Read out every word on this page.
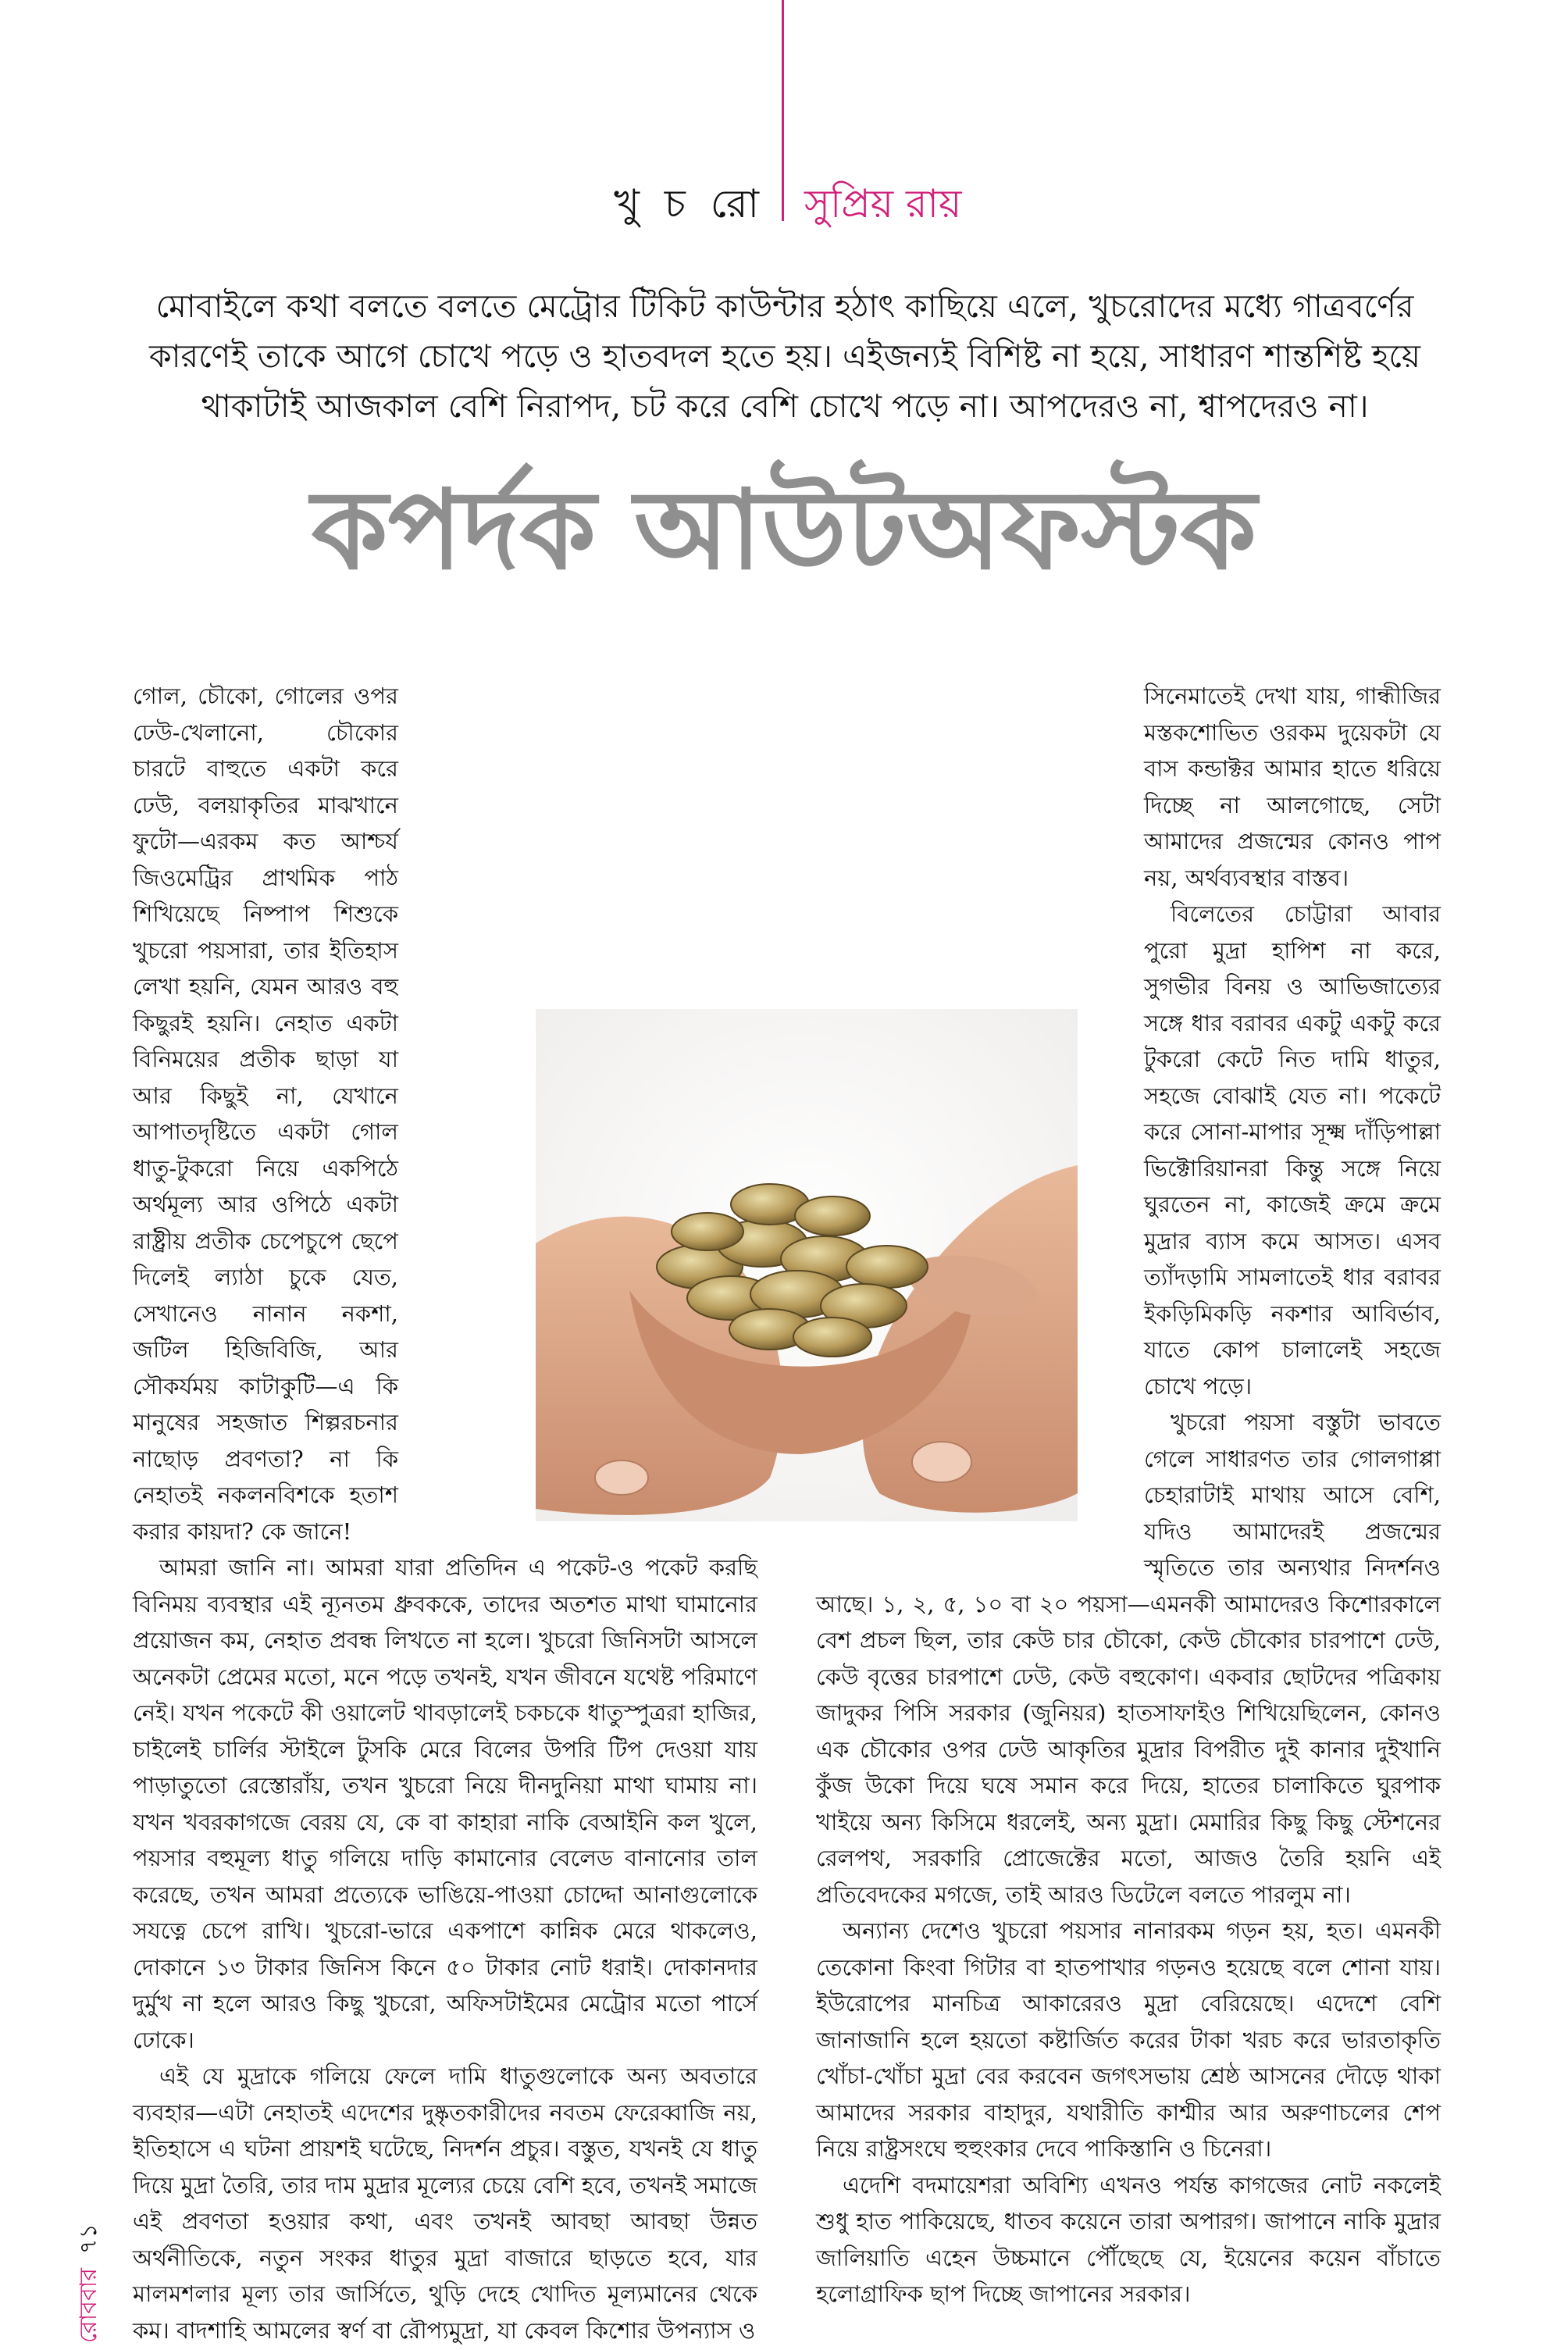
খু চ রো সুপ্রিয় রায়
মোবাইলে কথা বলতে বলতে মেট্রোর টিকিট কাউন্টার হঠাৎ কাছিয়ে এলে, খুচরোদের মধ্যে গাত্রবর্ণের কারণেই তাকে আগে চোখে পড়ে ও হাতবদল হতে হয়। এইজন্যই বিশিষ্ট না হয়ে, সাধারণ শান্তশিষ্ট হয়ে থাকাটাই আজকাল বেশি নিরাপদ, চট করে বেশি চোখে পড়ে না। আপদেরও না, শ্বাপদেরও না।
কপর্দক আউটঅফস্টক

গোল, চৌকো, গোলের ওপর ঢেউ-খেলানো, চৌকোর চারটে বাহুতে একটা করে ঢেউ, বলয়াকৃতির মাঝখানে ফুটো—এরকম কত আশ্চর্য জিওমেট্রির প্রাথমিক পাঠ শিখিয়েছে নিষ্পাপ শিশুকে খুচরো পয়সারা, তার ইতিহাস লেখা হয়নি, যেমন আরও বহু কিছুরই হয়নি। নেহাত একটা বিনিময়ের প্রতীক ছাড়া যা আর কিছুই না, যেখানে আপাতদৃষ্টিতে একটা গোল ধাতু-টুকরো নিয়ে একপিঠে অর্থমূল্য আর ওপিঠে একটা রাষ্ট্রীয় প্রতীক চেপেচুপে ছেপে দিলেই ল্যাঠা চুকে যেত, সেখানেও নানান নকশা, জটিল হিজিবিজি, আর সৌকর্যময় কাটাকুটি—এ কি মানুষের সহজাত শিল্পরচনার নাছোড় প্রবণতা? না কি নেহাতই নকলনবিশকে হতাশ করার কায়দা? কে জানে!

আমরা জানি না। আমরা যারা প্রতিদিন এ পকেট-ও পকেট করছি বিনিময় ব্যবস্থার এই ন্যূনতম ধ্রুবককে, তাদের অতশত মাথা ঘামানোর প্রয়োজন কম, নেহাত প্রবন্ধ লিখতে না হলে। খুচরো জিনিসটা আসলে অনেকটা প্রেমের মতো, মনে পড়ে তখনই, যখন জীবনে যথেষ্ট পরিমাণে নেই। যখন পকেটে কী ওয়ালেট থাবড়ালেই চকচকে ধাতুস্পুত্ররা হাজির, চাইলেই চার্লির স্টাইলে টুসকি মেরে বিলের উপরি টিপ দেওয়া যায় পাড়াতুতো রেস্তোরাঁয়, তখন খুচরো নিয়ে দীনদুনিয়া মাথা ঘামায় না। যখন খবরকাগজে বেরয় যে, কে বা কাহারা নাকি বেআইনি কল খুলে, পয়সার বহুমূল্য ধাতু গলিয়ে দাড়ি কামানোর বেলেড বানানোর তাল করেছে, তখন আমরা প্রত্যেকে ভাঙিয়ে-পাওয়া চোদ্দো আনাগুলোকে সযত্নে চেপে রাখি। খুচরো-ভারে একপাশে কান্নিক মেরে থাকলেও, দোকানে ১৩ টাকার জিনিস কিনে ৫০ টাকার নোট ধরাই। দোকানদার দুর্মুখ না হলে আরও কিছু খুচরো, অফিসটাইমের মেট্রোর মতো পার্সে ঢোকে।

এই যে মুদ্রাকে গলিয়ে ফেলে দামি ধাতুগুলোকে অন্য অবতারে ব্যবহার—এটা নেহাতই এদেশের দুষ্কৃতকারীদের নবতম ফেরেব্বাজি নয়, ইতিহাসে এ ঘটনা প্রায়শই ঘটেছে, নিদর্শন প্রচুর। বস্তুত, যখনই যে ধাতু দিয়ে মুদ্রা তৈরি, তার দাম মুদ্রার মূল্যের চেয়ে বেশি হবে, তখনই সমাজে এই প্রবণতা হওয়ার কথা, এবং তখনই আবছা আবছা উন্নত অর্থনীতিকে, নতুন সংকর ধাতুর মুদ্রা বাজারে ছাড়তে হবে, যার মালমশলার মূল্য তার জার্সিতে, থুড়ি দেহে খোদিত মূল্যমানের থেকে কম। বাদশাহি আমলের স্বর্ণ বা রৌপ্যমুদ্রা, যা কেবল কিশোর উপন্যাস ও

সিনেমাতেই দেখা যায়, গান্ধীজির মস্তকশোভিত ওরকম দুয়েকটা যে বাস কন্ডাক্টর আমার হাতে ধরিয়ে দিচ্ছে না আলগোছে, সেটা আমাদের প্রজন্মের কোনও পাপ নয়, অর্থব্যবস্থার বাস্তব।

বিলেতের চোট্টারা আবার পুরো মুদ্রা হাপিশ না করে, সুগভীর বিনয় ও আভিজাত্যের সঙ্গে ধার বরাবর একটু একটু করে টুকরো কেটে নিত দামি ধাতুর, সহজে বোঝাই যেত না। পকেটে করে সোনা-মাপার সূক্ষ্ম দাঁড়িপাল্লা ভিক্টোরিয়ানরা কিন্তু সঙ্গে নিয়ে ঘুরতেন না, কাজেই ক্রমে ক্রমে মুদ্রার ব্যাস কমে আসত। এসব ত্যাঁদড়ামি সামলাতেই ধার বরাবর ইকড়িমিকড়ি নকশার আবির্ভাব, যাতে কোপ চালালেই সহজে চোখে পড়ে।

খুচরো পয়সা বস্তুটা ভাবতে গেলে সাধারণত তার গোলগাপ্পা চেহারাটাই মাথায় আসে বেশি, যদিও আমাদেরই প্রজন্মের স্মৃতিতে তার অন্যথার নিদর্শনও আছে। ১, ২, ৫, ১০ বা ২০ পয়সা—এমনকী আমাদেরও কিশোরকালে বেশ প্রচল ছিল, তার কেউ চার চৌকো, কেউ চৌকোর চারপাশে ঢেউ, কেউ বৃত্তের চারপাশে ঢেউ, কেউ বহুকোণ। একবার ছোটদের পত্রিকায় জাদুকর পিসি সরকার (জুনিয়র) হাতসাফাইও শিখিয়েছিলেন, কোনও এক চৌকোর ওপর ঢেউ আকৃতির মুদ্রার বিপরীত দুই কানার দুইখানি কুঁজ উকো দিয়ে ঘষে সমান করে দিয়ে, হাতের চালাকিতে ঘুরপাক খাইয়ে অন্য কিসিমে ধরলেই, অন্য মুদ্রা। মেমারির কিছু কিছু স্টেশনের রেলপথ, সরকারি প্রোজেক্টের মতো, আজও তৈরি হয়নি এই প্রতিবেদকের মগজে, তাই আরও ডিটেলে বলতে পারলুম না।

অন্যান্য দেশেও খুচরো পয়সার নানারকম গড়ন হয়, হত। এমনকী তেকোনা কিংবা গিটার বা হাতপাখার গড়নও হয়েছে বলে শোনা যায়। ইউরোপের মানচিত্র আকারেরও মুদ্রা বেরিয়েছে। এদেশে বেশি জানাজানি হলে হয়তো কষ্টার্জিত করের টাকা খরচ করে ভারতাকৃতি খোঁচা-খোঁচা মুদ্রা বের করবেন জগৎসভায় শ্রেষ্ঠ আসনের দৌড়ে থাকা আমাদের সরকার বাহাদুর, যথারীতি কাশ্মীর আর অরুণাচলের শেপ নিয়ে রাষ্ট্রসংঘে হুহুংকার দেবে পাকিস্তানি ও চিনেরা।

এদেশি বদমায়েশরা অবিশ্যি এখনও পর্যন্ত কাগজের নোট নকলেই শুধু হাত পাকিয়েছে, ধাতব কয়েনে তারা অপারগ। জাপানে নাকি মুদ্রার জালিয়াতি এহেন উচ্চমানে পৌঁছেছে যে, ইয়েনের কয়েন বাঁচাতে হলোগ্রাফিক ছাপ দিচ্ছে জাপানের সরকার।

রোববার৭১
